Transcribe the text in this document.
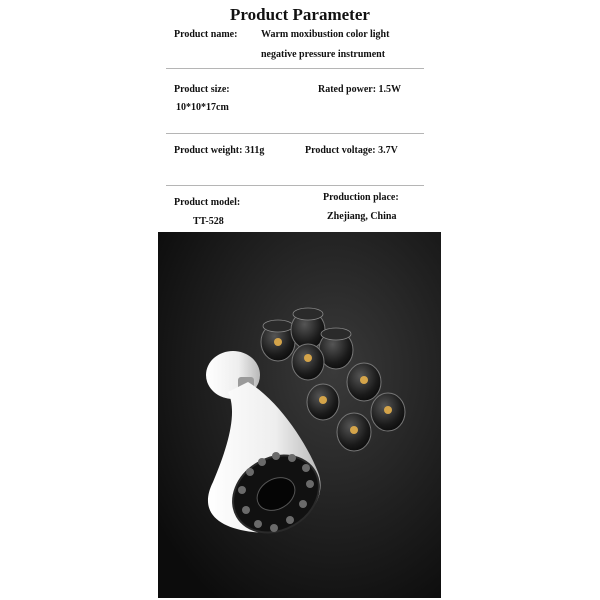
Product Parameter
Product name: Warm moxibustion color light
negative pressure instrument
Product size:
10*10*17cm
Rated power: 1.5W
Product weight: 311g	Product voltage: 3.7V
Product model:
TT-528
Production place:
Zhejiang, China
